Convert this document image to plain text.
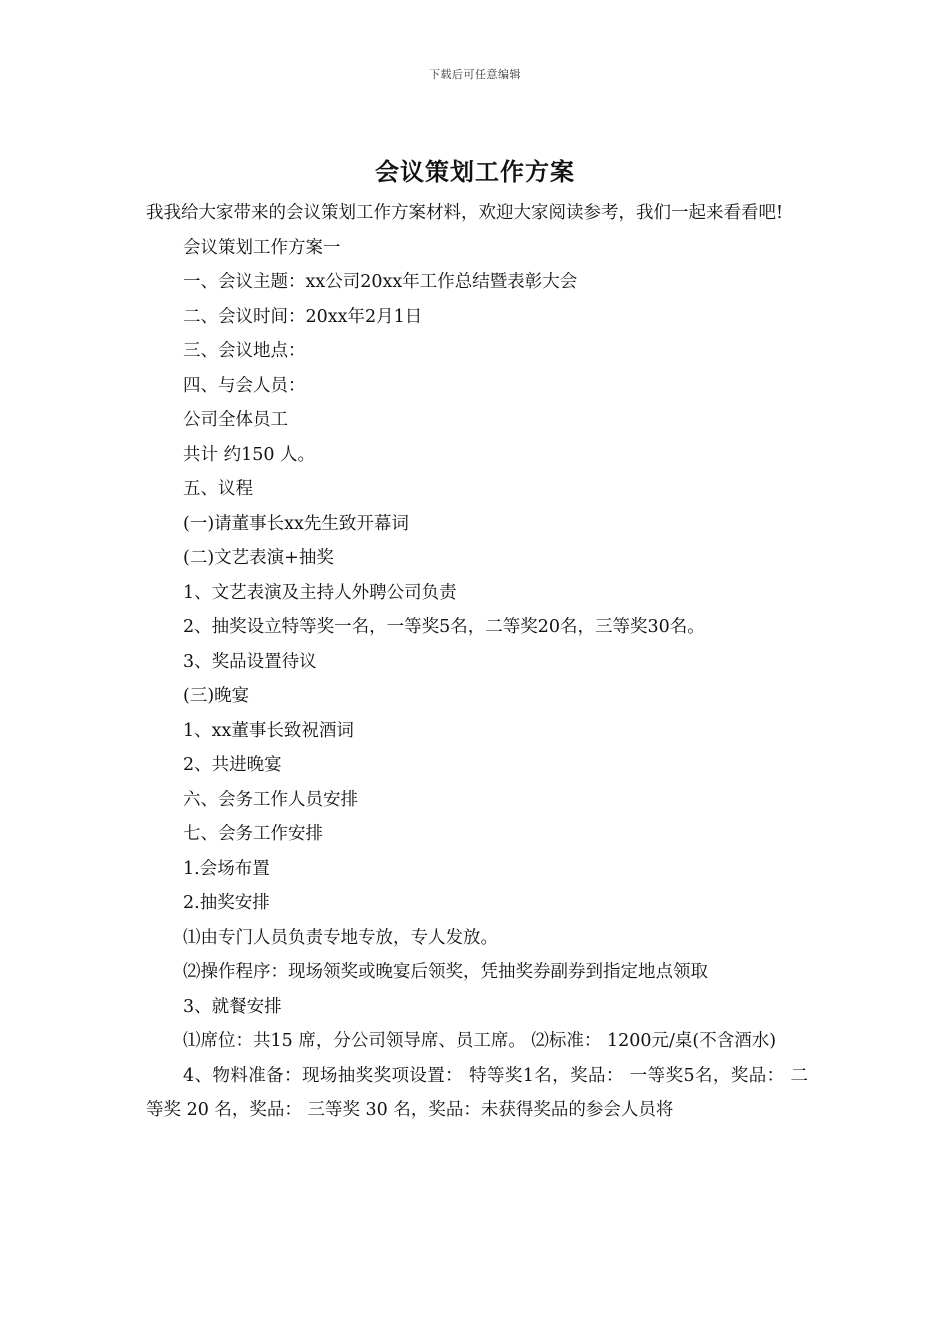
下载后可任意编辑
会议策划工作方案

我我给大家带来的会议策划工作方案材料，欢迎大家阅读参考，我们一起来看看吧!

会议策划工作方案一

一、会议主题：xx公司20xx年工作总结暨表彰大会

二、会议时间：20xx年2月1日

三、会议地点：

四、与会人员：

公司全体员工

共计 约150 人。

五、议程

(一)请董事长xx先生致开幕词

(二)文艺表演+抽奖

1、文艺表演及主持人外聘公司负责

2、抽奖设立特等奖一名，一等奖5名，二等奖20名，三等奖30名。

3、奖品设置待议

(三)晚宴

1、xx董事长致祝酒词

2、共进晚宴

六、会务工作人员安排

七、会务工作安排

1.会场布置

2.抽奖安排

⑴由专门人员负责专地专放，专人发放。

⑵操作程序：现场领奖或晚宴后领奖，凭抽奖券副券到指定地点领取

3、就餐安排

⑴席位：共15 席，分公司领导席、员工席。 ⑵标准： 1200元/桌(不含酒水)

4、物料准备：现场抽奖奖项设置： 特等奖1名，奖品： 一等奖5名，奖品： 二等奖 20 名，奖品： 三等奖 30 名，奖品：未获得奖品的参会人员将
